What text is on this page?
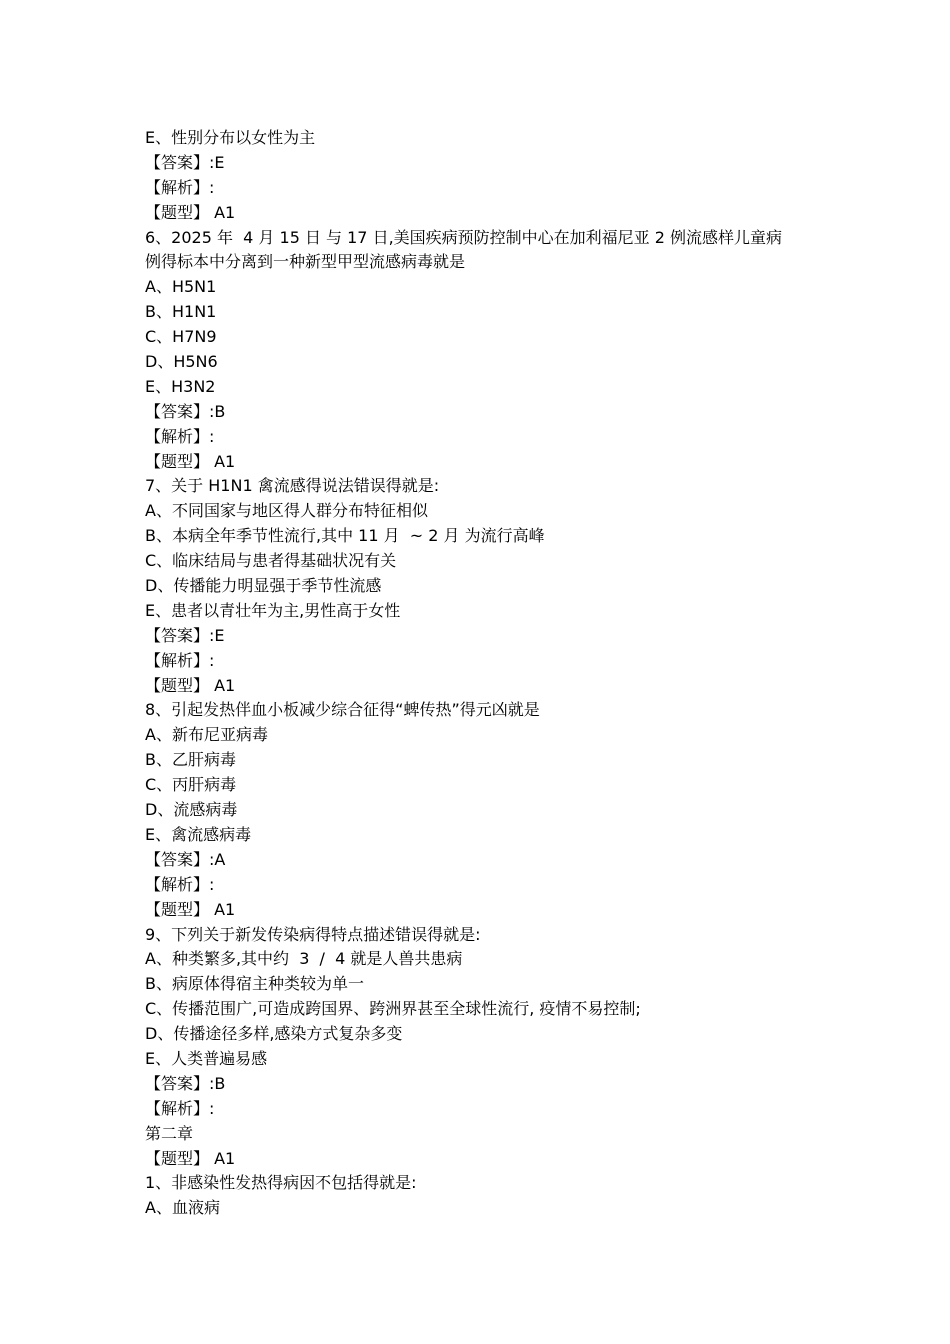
E、性别分布以女性为主
【答案】:E
【解析】:
【题型】 A1
6、2025 年  4 月 15 日 与 17 日,美国疾病预防控制中心在加利福尼亚 2 例流感样儿童病
例得标本中分离到一种新型甲型流感病毒就是
A、H5N1
B、H1N1
C、H7N9
D、H5N6
E、H3N2
【答案】:B
【解析】:
【题型】 A1
7、关于 H1N1 禽流感得说法错误得就是:
A、不同国家与地区得人群分布特征相似
B、本病全年季节性流行,其中 11 月  ~ 2 月 为流行高峰
C、临床结局与患者得基础状况有关
D、传播能力明显强于季节性流感
E、患者以青壮年为主,男性高于女性
【答案】:E
【解析】:
【题型】 A1
8、引起发热伴血小板减少综合征得“蜱传热”得元凶就是
A、新布尼亚病毒
B、乙肝病毒
C、丙肝病毒
D、流感病毒
E、禽流感病毒
【答案】:A
【解析】:
【题型】 A1
9、下列关于新发传染病得特点描述错误得就是:
A、种类繁多,其中约  3  /  4 就是人兽共患病
B、病原体得宿主种类较为单一
C、传播范围广,可造成跨国界、跨洲界甚至全球性流行, 疫情不易控制;
D、传播途径多样,感染方式复杂多变
E、人类普遍易感
【答案】:B
【解析】:
第二章
【题型】 A1
1、非感染性发热得病因不包括得就是:
A、血液病
